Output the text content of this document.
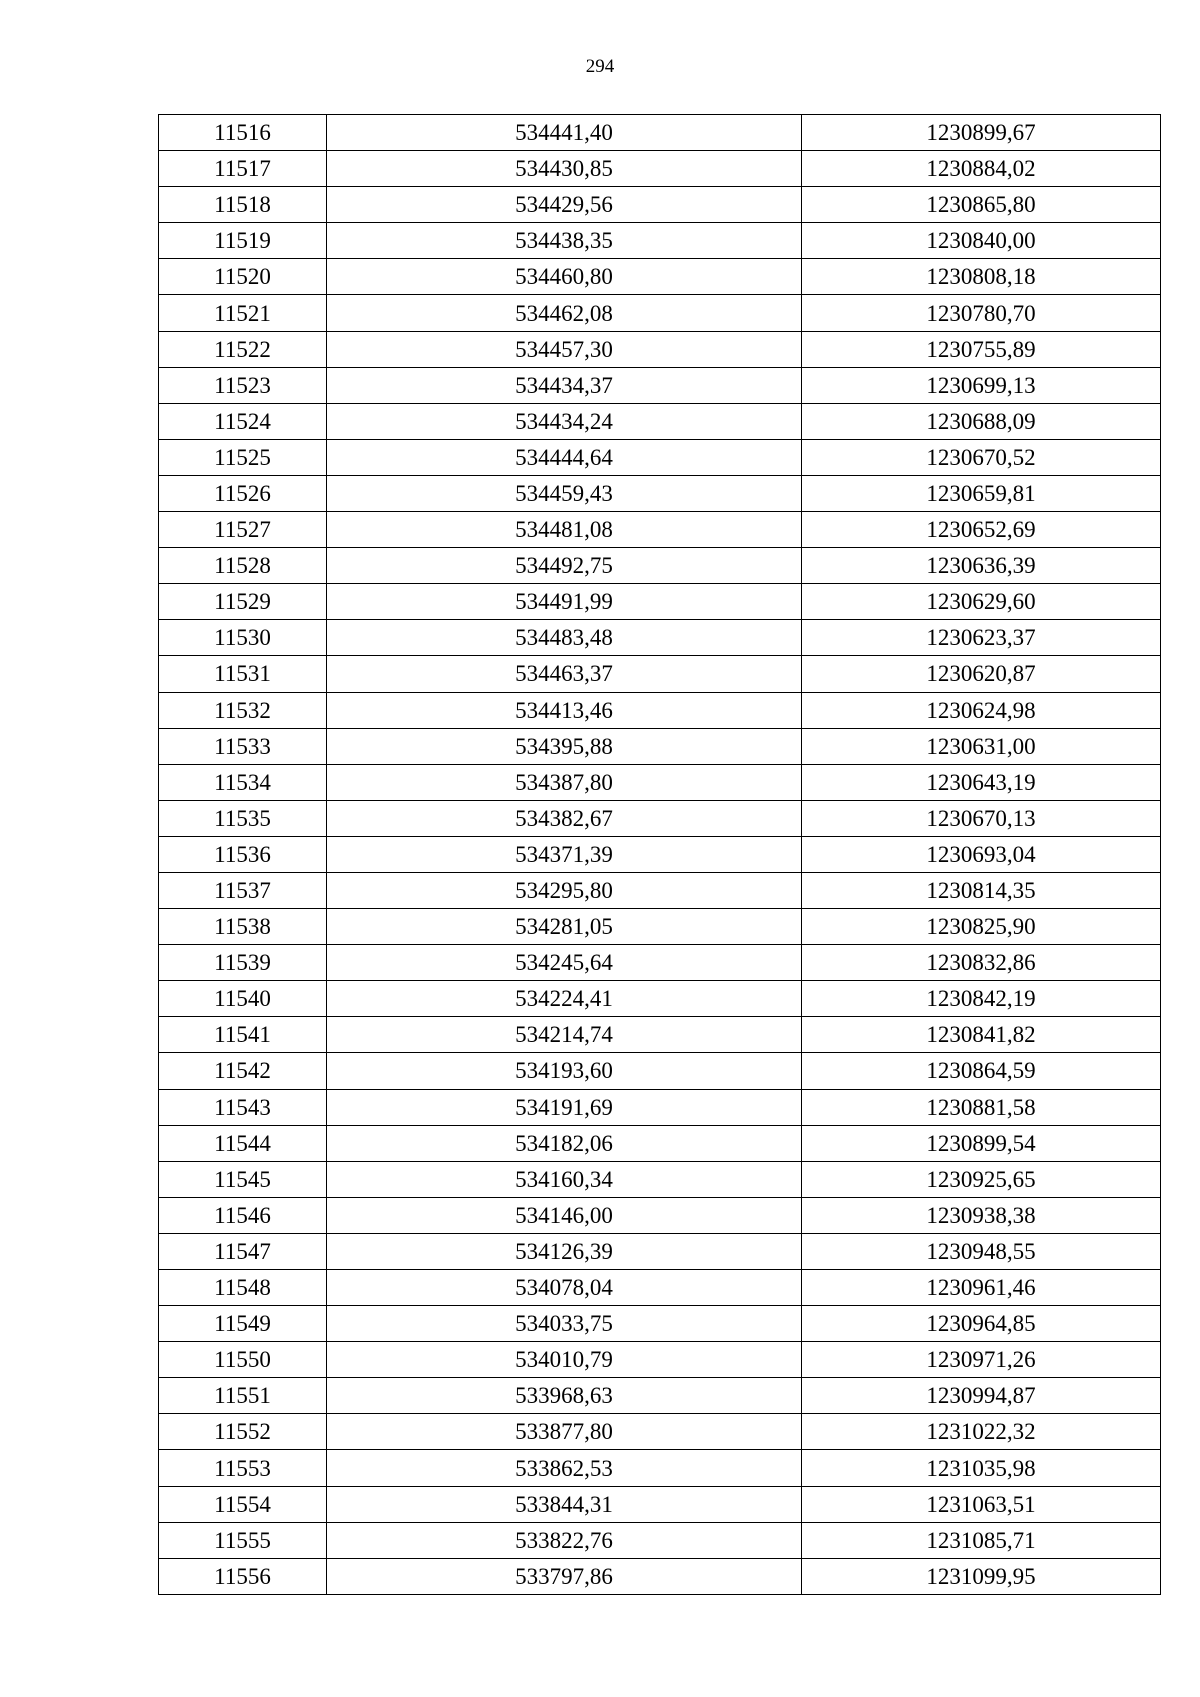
294
11516	534441,40	1230899,67
11517	534430,85	1230884,02
11518	534429,56	1230865,80
11519	534438,35	1230840,00
11520	534460,80	1230808,18
11521	534462,08	1230780,70
11522	534457,30	1230755,89
11523	534434,37	1230699,13
11524	534434,24	1230688,09
11525	534444,64	1230670,52
11526	534459,43	1230659,81
11527	534481,08	1230652,69
11528	534492,75	1230636,39
11529	534491,99	1230629,60
11530	534483,48	1230623,37
11531	534463,37	1230620,87
11532	534413,46	1230624,98
11533	534395,88	1230631,00
11534	534387,80	1230643,19
11535	534382,67	1230670,13
11536	534371,39	1230693,04
11537	534295,80	1230814,35
11538	534281,05	1230825,90
11539	534245,64	1230832,86
11540	534224,41	1230842,19
11541	534214,74	1230841,82
11542	534193,60	1230864,59
11543	534191,69	1230881,58
11544	534182,06	1230899,54
11545	534160,34	1230925,65
11546	534146,00	1230938,38
11547	534126,39	1230948,55
11548	534078,04	1230961,46
11549	534033,75	1230964,85
11550	534010,79	1230971,26
11551	533968,63	1230994,87
11552	533877,80	1231022,32
11553	533862,53	1231035,98
11554	533844,31	1231063,51
11555	533822,76	1231085,71
11556	533797,86	1231099,95
